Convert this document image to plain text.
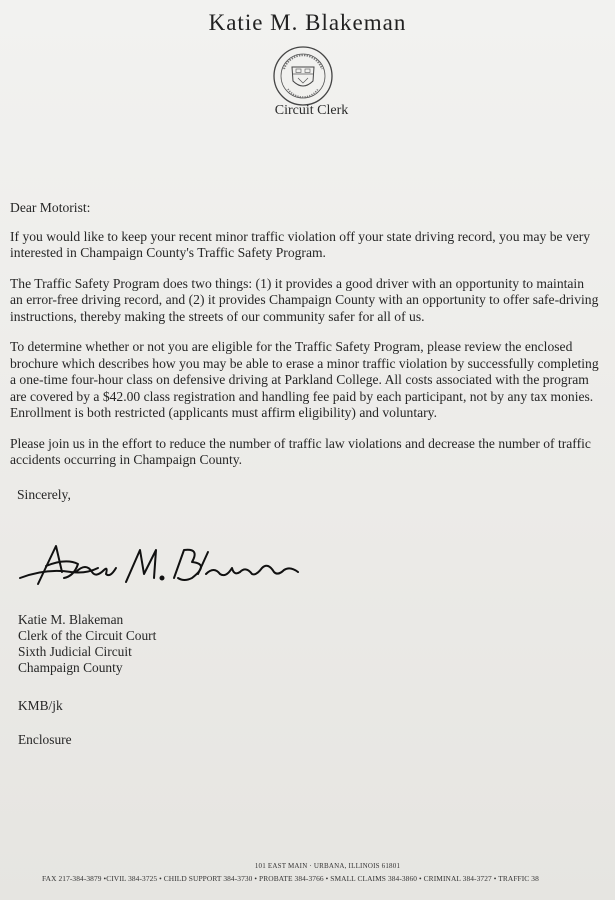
Katie M. Blakeman
Circuit Clerk

Dear Motorist:

If you would like to keep your recent minor traffic violation off your state driving record, you may be very interested in Champaign County's Traffic Safety Program.

The Traffic Safety Program does two things: (1) it provides a good driver with an opportunity to maintain an error-free driving record, and (2) it provides Champaign County with an opportunity to offer safe-driving instructions, thereby making the streets of our community safer for all of us.

To determine whether or not you are eligible for the Traffic Safety Program, please review the enclosed brochure which describes how you may be able to erase a minor traffic violation by successfully completing a one-time four-hour class on defensive driving at Parkland College. All costs associated with the program are covered by a $42.00 class registration and handling fee paid by each participant, not by any tax monies. Enrollment is both restricted (applicants must affirm eligibility) and voluntary.

Please join us in the effort to reduce the number of traffic law violations and decrease the number of traffic accidents occurring in Champaign County.

Sincerely,

Katie M. Blakeman
Clerk of the Circuit Court
Sixth Judicial Circuit
Champaign County
KMB/jk
Enclosure
101 EAST MAIN · URBANA, ILLINOIS 61801
FAX 217-384-3879 •CIVIL 384-3725 • CHILD SUPPORT 384-3730 • PROBATE 384-3766 • SMALL CLAIMS 384-3860 • CRIMINAL 384-3727 • TRAFFIC 38
